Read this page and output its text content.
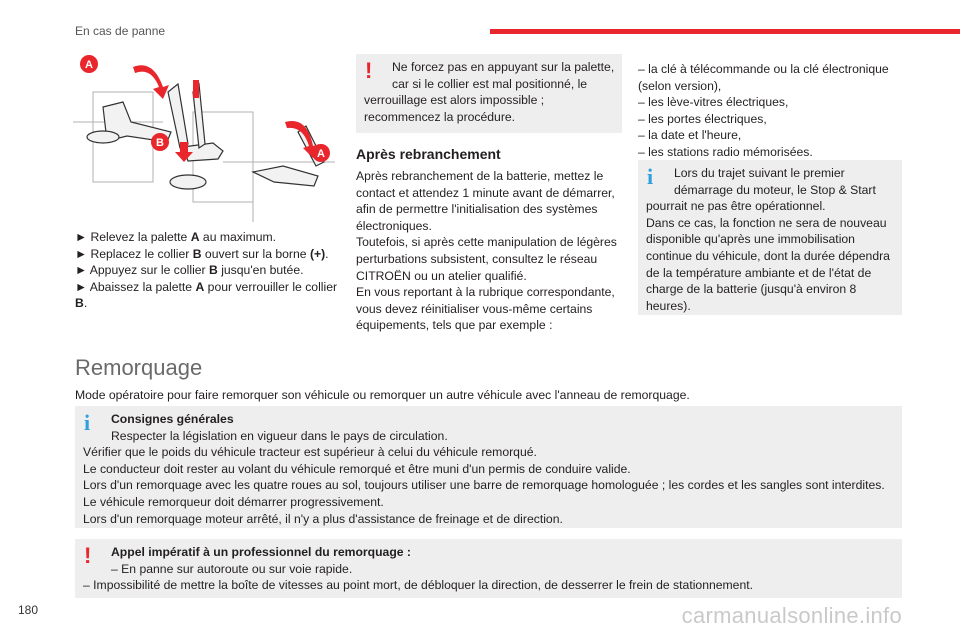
En cas de panne
A
B
A

► Relevez la palette A au maximum.

► Replacez le collier B ouvert sur la borne (+).

► Appuyez sur le collier B jusqu'en butée.

► Abaissez la palette A pour verrouiller le collier B.

!	Ne forcez pas en appuyant sur la palette,

car si le collier est mal positionné, le

verrouillage est alors impossible ;

recommencez la procédure.

Après rebranchement

Après rebranchement de la batterie, mettez le

contact et attendez 1 minute avant de démarrer,

afin de permettre l'initialisation des systèmes

électroniques.

Toutefois, si après cette manipulation de légères

perturbations subsistent, consultez le réseau

CITROËN ou un atelier qualifié.

En vous reportant à la rubrique correspondante,

vous devez réinitialiser vous-même certains

équipements, tels que par exemple :

– la clé à télécommande ou la clé électronique

(selon version),

– les lève-vitres électriques,

– les portes électriques,

– la date et l'heure,

– les stations radio mémorisées.

i	Lors du trajet suivant le premier

démarrage du moteur, le Stop & Start

pourrait ne pas être opérationnel.

Dans ce cas, la fonction ne sera de nouveau

disponible qu'après une immobilisation

continue du véhicule, dont la durée dépendra

de la température ambiante et de l'état de

charge de la batterie (jusqu'à environ 8

heures).

Remorquage
Mode opératoire pour faire remorquer son véhicule ou remorquer un autre véhicule avec l'anneau de remorquage.
i	Consignes générales

Respecter la législation en vigueur dans le pays de circulation.

Vérifier que le poids du véhicule tracteur est supérieur à celui du véhicule remorqué.

Le conducteur doit rester au volant du véhicule remorqué et être muni d'un permis de conduire valide.

Lors d'un remorquage avec les quatre roues au sol, toujours utiliser une barre de remorquage homologuée ; les cordes et les sangles sont interdites.

Le véhicule remorqueur doit démarrer progressivement.

Lors d'un remorquage moteur arrêté, il n'y a plus d'assistance de freinage et de direction.

!	Appel impératif à un professionnel du remorquage :

– En panne sur autoroute ou sur voie rapide.

– Impossibilité de mettre la boîte de vitesses au point mort, de débloquer la direction, de desserrer le frein de stationnement.

180	carmanualsonline.info
